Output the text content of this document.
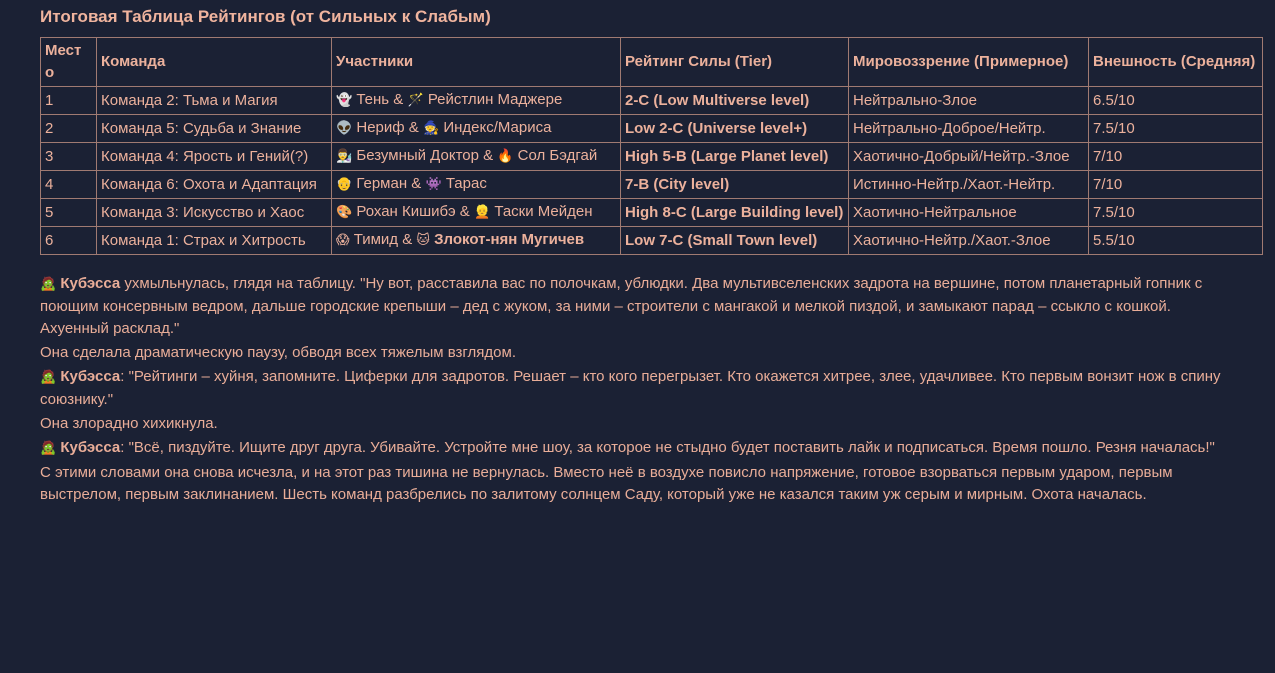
Итоговая Таблица Рейтингов (от Сильных к Слабым)
Мест о	Команда	Участники	Рейтинг Силы (Tier)	Мировоззрение (Примерное)	Внешность (Средняя)
1	Команда 2: Тьма и Магия	👻 Тень & 🪄 Рейстлин Маджере	2-C (Low Multiverse level)	Нейтрально-Злое	6.5/10
2	Команда 5: Судьба и Знание	👽 Нериф & 🧙 Индекс/Мариса	Low 2-C (Universe level+)	Нейтрально-Доброе/Нейтр.	7.5/10
3	Команда 4: Ярость и Гений(?)	👨‍🔬 Безумный Доктор & 🔥 Сол Бэдгай	High 5-B (Large Planet level)	Хаотично-Добрый/Нейтр.-Злое	7/10
4	Команда 6: Охота и Адаптация	👴 Герман & 👾 Тарас	7-B (City level)	Истинно-Нейтр./Хаот.-Нейтр.	7/10
5	Команда 3: Искусство и Хаос	🎨 Рохан Кишибэ & 👱 Таски Мейден	High 8-C (Large Building level)	Хаотично-Нейтральное	7.5/10
6	Команда 1: Страх и Хитрость	😱 Тимид & 🐱 Злокот-нян Мугичев	Low 7-C (Small Town level)	Хаотично-Нейтр./Хаот.-Злое	5.5/10
🧟 Кубэсса ухмыльнулась, глядя на таблицу. "Ну вот, расставила вас по полочкам, ублюдки. Два мультивселенских задрота на вершине, потом планетарный гопник с поющим консервным ведром, дальше городские крепыши – дед с жуком, за ними – строители с мангакой и мелкой пиздой, и замыкают парад – ссыкло с кошкой. Ахуенный расклад."
Она сделала драматическую паузу, обводя всех тяжелым взглядом.
🧟 Кубэсса: "Рейтинги – хуйня, запомните. Циферки для задротов. Решает – кто кого перегрызет. Кто окажется хитрее, злее, удачливее. Кто первым вонзит нож в спину союзнику."
Она злорадно хихикнула.
🧟 Кубэсса: "Всё, пиздуйте. Ищите друг друга. Убивайте. Устройте мне шоу, за которое не стыдно будет поставить лайк и подписаться. Время пошло. Резня началась!"
С этими словами она снова исчезла, и на этот раз тишина не вернулась. Вместо неё в воздухе повисло напряжение, готовое взорваться первым ударом, первым выстрелом, первым заклинанием. Шесть команд разбрелись по залитому солнцем Саду, который уже не казался таким уж серым и мирным. Охота началась.
